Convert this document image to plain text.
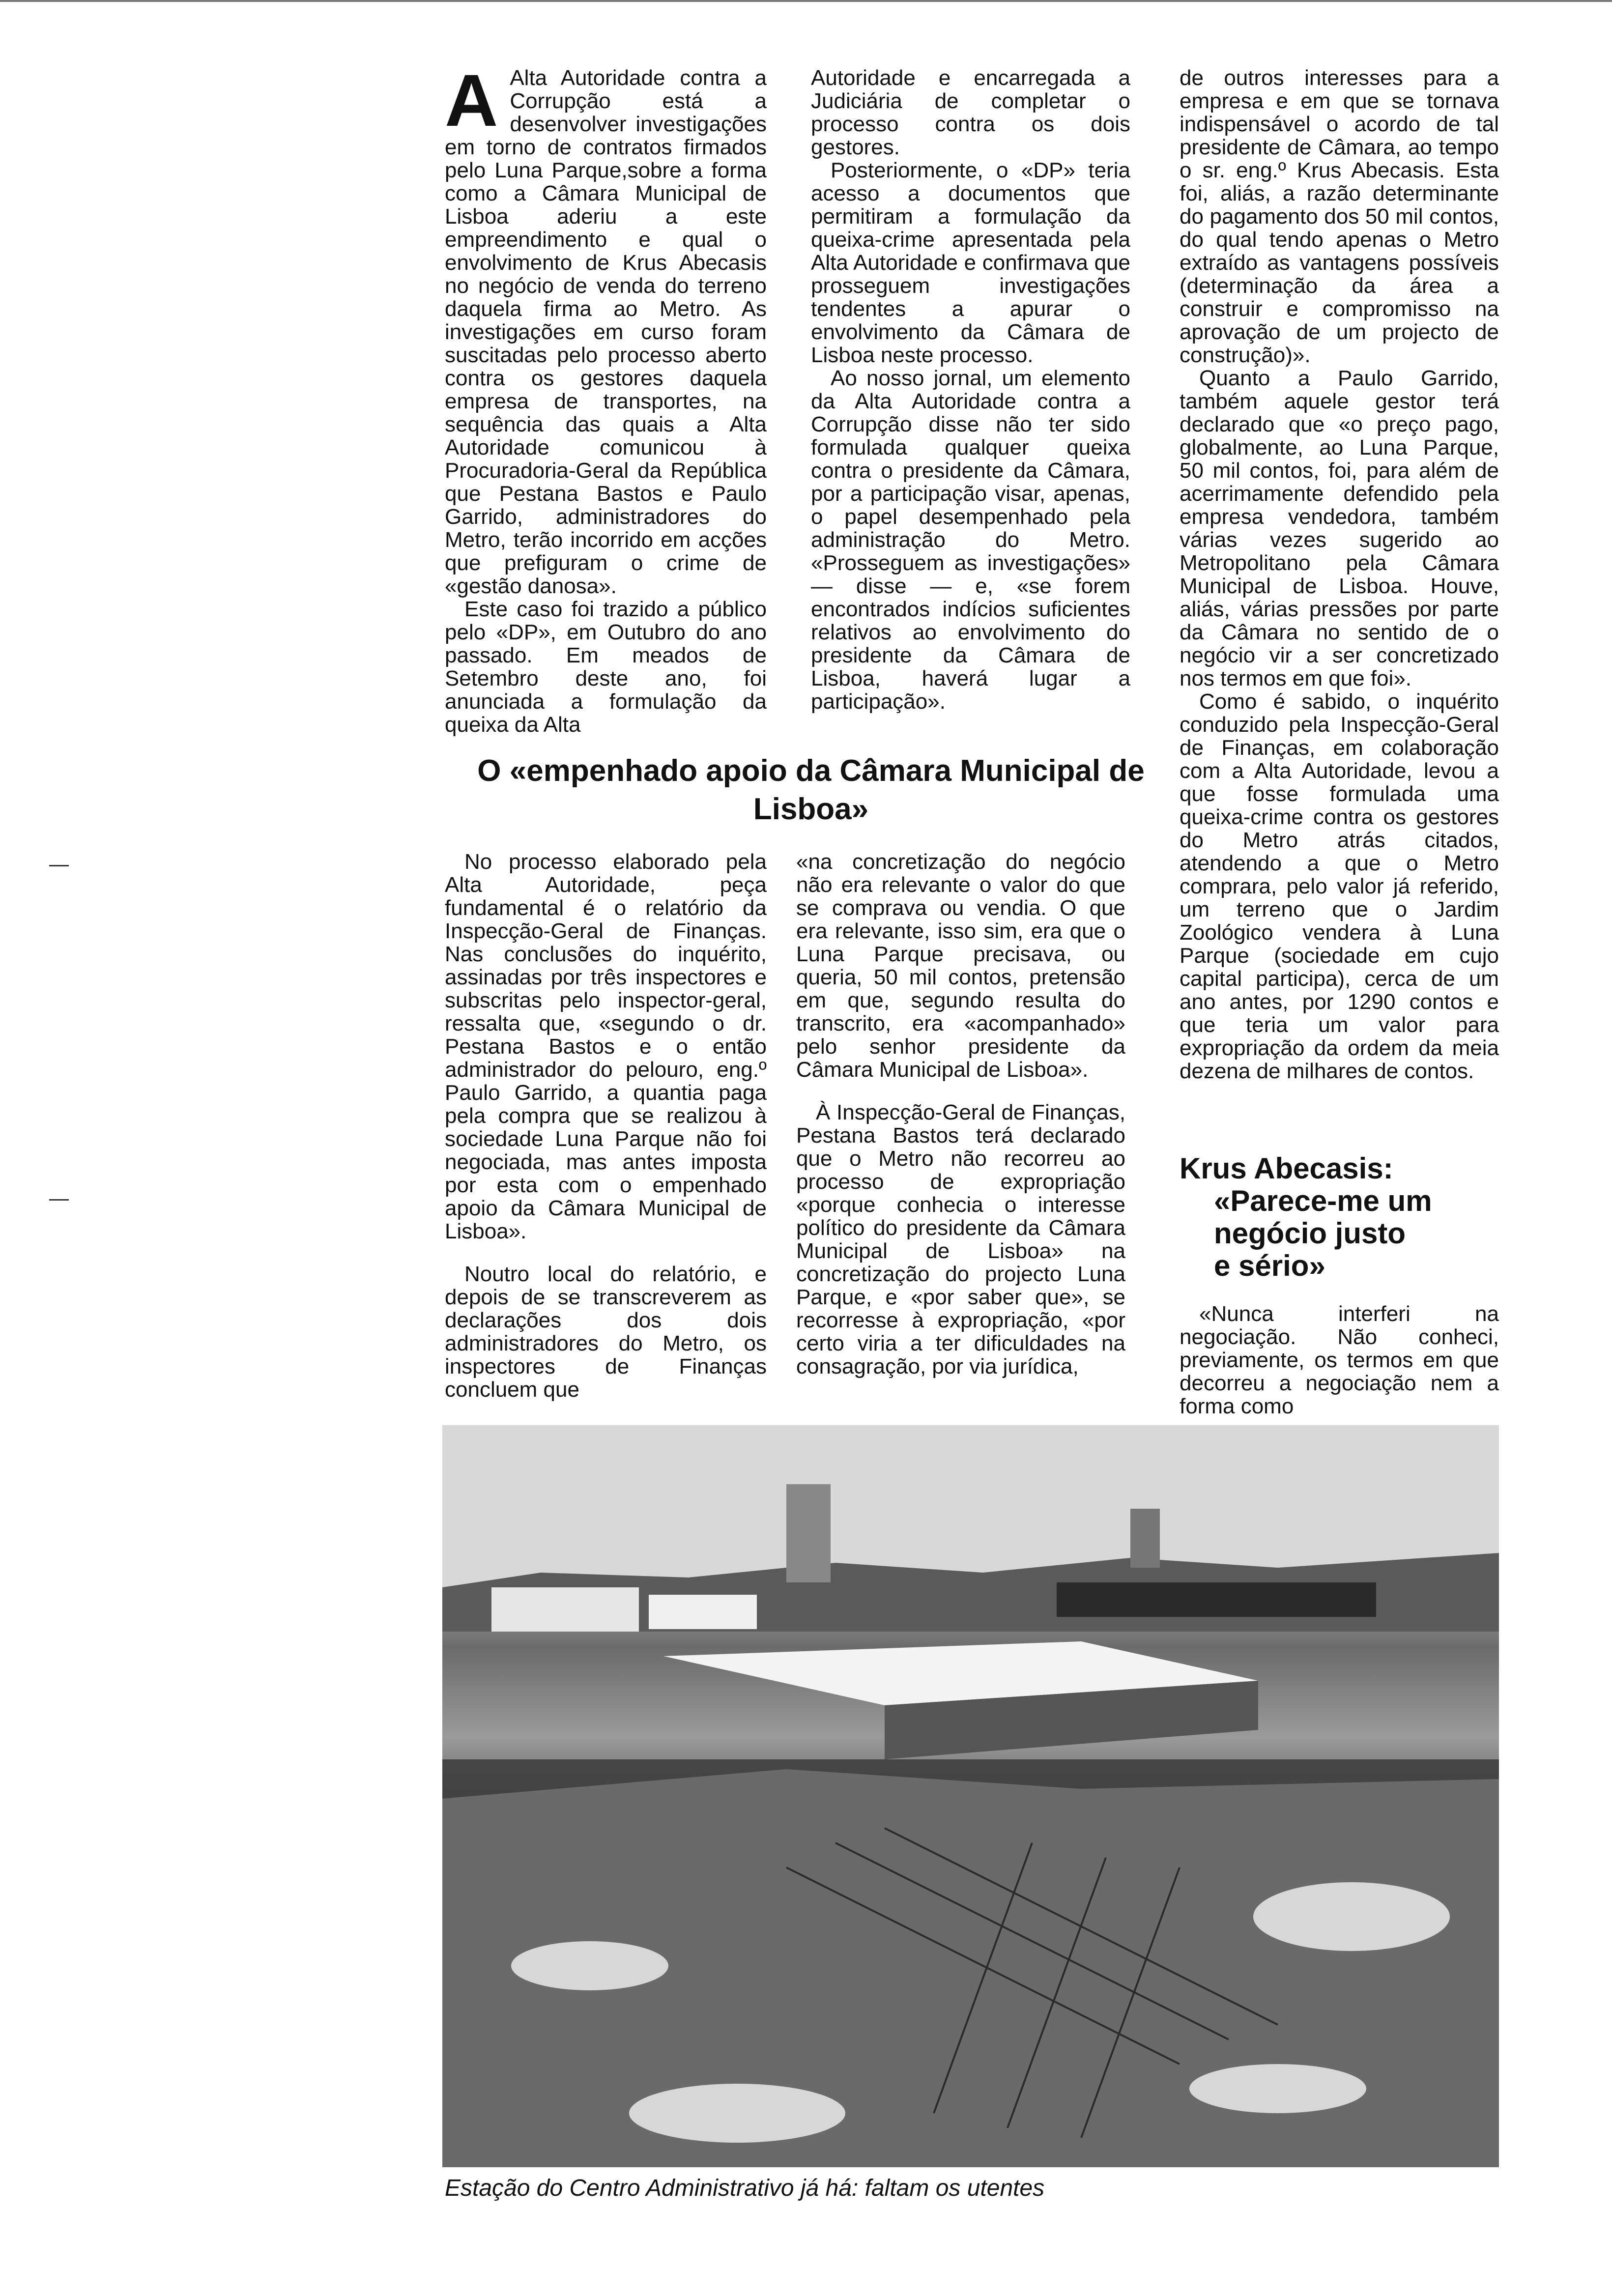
A Alta Autoridade contra a Corrupção está a desenvolver investigações em torno de contratos firmados pelo Luna Parque,sobre a forma como a Câmara Municipal de Lisboa aderiu a este empreendimento e qual o envolvimento de Krus Abecasis no negócio de venda do terreno daquela firma ao Metro. As investigações em curso foram suscitadas pelo processo aberto contra os gestores daquela empresa de transportes, na sequência das quais a Alta Autoridade comunicou à Procuradoria-Geral da República que Pestana Bastos e Paulo Garrido, administradores do Metro, terão incorrido em acções que prefiguram o crime de «gestão danosa».

Este caso foi trazido a público pelo «DP», em Outubro do ano passado. Em meados de Setembro deste ano, foi anunciada a formulação da queixa da Alta

Autoridade e encarregada a Judiciária de completar o processo contra os dois gestores.

Posteriormente, o «DP» teria acesso a documentos que permitiram a formulação da queixa-crime apresentada pela Alta Autoridade e confirmava que prosseguem investigações tendentes a apurar o envolvimento da Câmara de Lisboa neste processo.

Ao nosso jornal, um elemento da Alta Autoridade contra a Corrupção disse não ter sido formulada qualquer queixa contra o presidente da Câmara, por a participação visar, apenas, o papel desempenhado pela administração do Metro. «Prosseguem as investigações» — disse — e, «se forem encontrados indícios suficientes relativos ao envolvimento do presidente da Câmara de Lisboa, haverá lugar a participação».

de outros interesses para a empresa e em que se tornava indispensável o acordo de tal presidente de Câmara, ao tempo o sr. eng.º Krus Abecasis. Esta foi, aliás, a razão determinante do pagamento dos 50 mil contos, do qual tendo apenas o Metro extraído as vantagens possíveis (determinação da área a construir e compromisso na aprovação de um projecto de construção)».

Quanto a Paulo Garrido, também aquele gestor terá declarado que «o preço pago, globalmente, ao Luna Parque, 50 mil contos, foi, para além de acerrimamente defendido pela empresa vendedora, também várias vezes sugerido ao Metropolitano pela Câmara Municipal de Lisboa. Houve, aliás, várias pressões por parte da Câmara no sentido de o negócio vir a ser concretizado nos termos em que foi».

Como é sabido, o inquérito conduzido pela Inspecção-Geral de Finanças, em colaboração com a Alta Autoridade, levou a que fosse formulada uma queixa-crime contra os gestores do Metro atrás citados, atendendo a que o Metro comprara, pelo valor já referido, um terreno que o Jardim Zoológico vendera à Luna Parque (sociedade em cujo capital participa), cerca de um ano antes, por 1290 contos e que teria um valor para expropriação da ordem da meia dezena de milhares de contos.

O «empenhado apoio da Câmara Municipal de Lisboa»

No processo elaborado pela Alta Autoridade, peça fundamental é o relatório da Inspecção-Geral de Finanças. Nas conclusões do inquérito, assinadas por três inspectores e subscritas pelo inspector-geral, ressalta que, «segundo o dr. Pestana Bastos e o então administrador do pelouro, eng.º Paulo Garrido, a quantia paga pela compra que se realizou à sociedade Luna Parque não foi negociada, mas antes imposta por esta com o empenhado apoio da Câmara Municipal de Lisboa».

Noutro local do relatório, e depois de se transcreverem as declarações dos dois administradores do Metro, os inspectores de Finanças concluem que

«na concretização do negócio não era relevante o valor do que se comprava ou vendia. O que era relevante, isso sim, era que o Luna Parque precisava, ou queria, 50 mil contos, pretensão em que, segundo resulta do transcrito, era «acompanhado» pelo senhor presidente da Câmara Municipal de Lisboa».

À Inspecção-Geral de Finanças, Pestana Bastos terá declarado que o Metro não recorreu ao processo de expropriação «porque conhecia o interesse político do presidente da Câmara Municipal de Lisboa» na concretização do projecto Luna Parque, e «por saber que», se recorresse à expropriação, «por certo viria a ter dificuldades na consagração, por via jurídica,

Krus Abecasis:
«Parece-me um
negócio justo
e sério»

«Nunca interferi na negociação. Não conheci, previamente, os termos em que decorreu a negociação nem a forma como

Estação do Centro Administrativo já há: faltam os utentes
